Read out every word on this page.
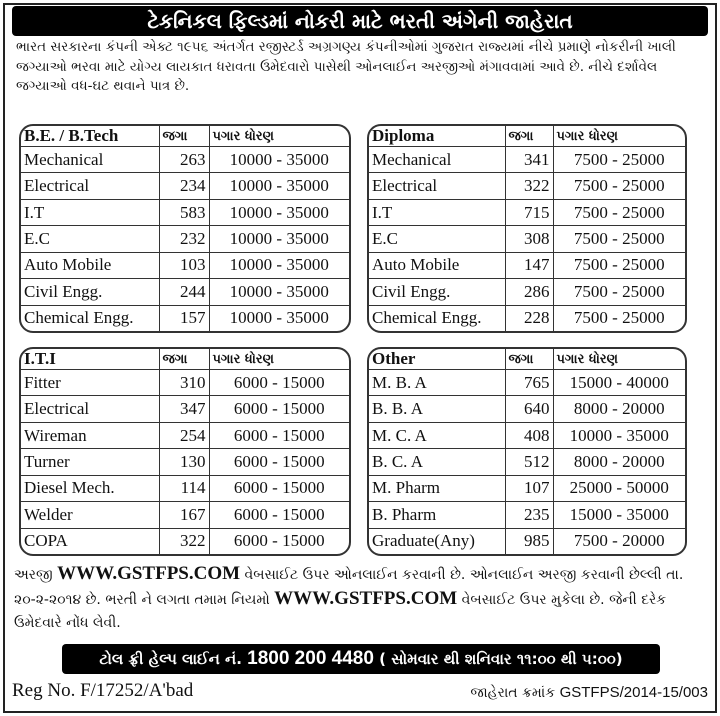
ટેકનિકલ ફિલ્ડમાં નોકરી માટે ભરતી અંગેની જાહેરાત
ભારત સરકારના કંપની એક્ટ ૧૯૫૬ અંતર્ગત રજીસ્ટર્ડ અગ્રગણ્ય કંપનીઓમાં ગુજરાત રાજ્યમાં નીચે પ્રમાણે નોકરીની ખાલી જગ્યાઓ ભરવા માટે યોગ્ય લાયકાત ધરાવતા ઉમેદવારો પાસેથી ઓનલાઈન અરજીઓ મંગાવવામાં આવે છે. નીચે દર્શાવેલ જગ્યાઓ વધ-ઘટ થવાને પાત્ર છે.
B.E. / B.Tech	જગા	પગાર ધોરણ
Mechanical	263	10000 - 35000
Electrical	234	10000 - 35000
I.T	583	10000 - 35000
E.C	232	10000 - 35000
Auto Mobile	103	10000 - 35000
Civil Engg.	244	10000 - 35000
Chemical Engg.	157	10000 - 35000
Diploma	જગા	પગાર ધોરણ
Mechanical	341	7500 - 25000
Electrical	322	7500 - 25000
I.T	715	7500 - 25000
E.C	308	7500 - 25000
Auto Mobile	147	7500 - 25000
Civil Engg.	286	7500 - 25000
Chemical Engg.	228	7500 - 25000
I.T.I	જગા	પગાર ધોરણ
Fitter	310	6000 - 15000
Electrical	347	6000 - 15000
Wireman	254	6000 - 15000
Turner	130	6000 - 15000
Diesel Mech.	114	6000 - 15000
Welder	167	6000 - 15000
COPA	322	6000 - 15000
Other	જગા	પગાર ધોરણ
M. B. A	765	15000 - 40000
B. B. A	640	8000 - 20000
M. C. A	408	10000 - 35000
B. C. A	512	8000 - 20000
M. Pharm	107	25000 - 50000
B. Pharm	235	15000 - 35000
Graduate(Any)	985	7500 - 20000
અરજી WWW.GSTFPS.COM વેબસાઈટ ઉપર ઓનલાઈન કરવાની છે. ઓનલાઈન અરજી કરવાની છેલ્લી તા. ૨૦-૨-૨૦૧૪ છે. ભરતી ને લગતા તમામ નિયમો WWW.GSTFPS.COM વેબસાઈટ ઉપર મુકેલા છે. જેની દરેક ઉમેદવારે નોંધ લેવી.
ટોલ ફ્રી હેલ્પ લાઈન નં. 1800 200 4480 ( સોમવાર થી શનિવાર ૧૧:૦૦ થી ૫:૦૦)
Reg No. F/17252/A'bad	જાહેરાત ક્રમાંક GSTFPS/2014-15/003
